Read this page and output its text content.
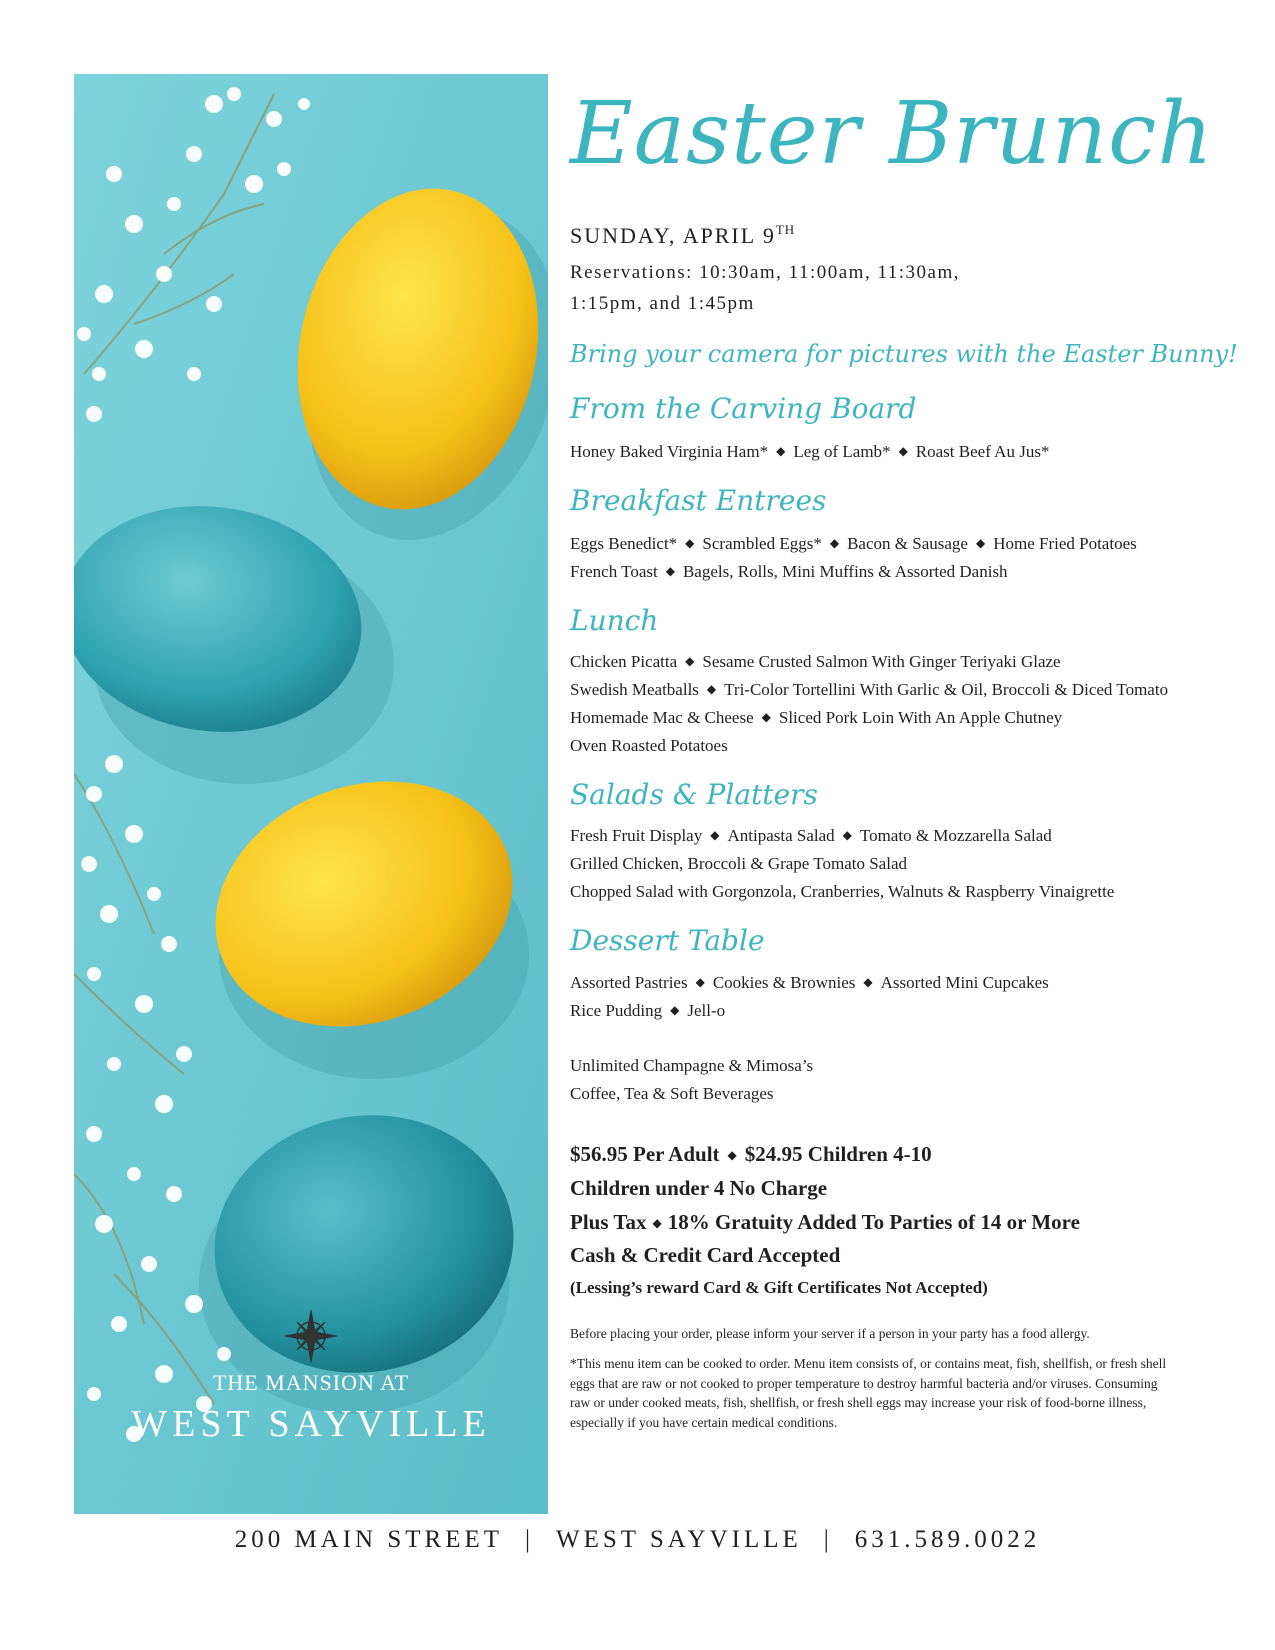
THE MANSION AT
WEST SAYVILLE
Easter Brunch
SUNDAY, APRIL 9TH
Reservations: 10:30am, 11:00am, 11:30am,
1:15pm, and 1:45pm
Bring your camera for pictures with the Easter Bunny!
From the Carving Board
Honey Baked Virginia Ham* ◆ Leg of Lamb* ◆ Roast Beef Au Jus*
Breakfast Entrees
Eggs Benedict* ◆ Scrambled Eggs* ◆ Bacon & Sausage ◆ Home Fried Potatoes
French Toast ◆ Bagels, Rolls, Mini Muffins & Assorted Danish
Lunch
Chicken Picatta ◆ Sesame Crusted Salmon With Ginger Teriyaki Glaze
Swedish Meatballs ◆ Tri-Color Tortellini With Garlic & Oil, Broccoli & Diced Tomato
Homemade Mac & Cheese ◆ Sliced Pork Loin With An Apple Chutney
Oven Roasted Potatoes
Salads & Platters
Fresh Fruit Display ◆ Antipasta Salad ◆ Tomato & Mozzarella Salad
Grilled Chicken, Broccoli & Grape Tomato Salad
Chopped Salad with Gorgonzola, Cranberries, Walnuts & Raspberry Vinaigrette
Dessert Table
Assorted Pastries ◆ Cookies & Brownies ◆ Assorted Mini Cupcakes
Rice Pudding ◆ Jell-o
Unlimited Champagne & Mimosa’s
Coffee, Tea & Soft Beverages
$56.95 Per Adult ◆ $24.95 Children 4-10
Children under 4 No Charge
Plus Tax ◆ 18% Gratuity Added To Parties of 14 or More
Cash & Credit Card Accepted
(Lessing’s reward Card & Gift Certificates Not Accepted)
Before placing your order, please inform your server if a person in your party has a food allergy.
*This menu item can be cooked to order. Menu item consists of, or contains meat, fish, shellfish, or fresh shell eggs that are raw or not cooked to proper temperature to destroy harmful bacteria and/or viruses. Consuming raw or under cooked meats, fish, shellfish, or fresh shell eggs may increase your risk of food-borne illness, especially if you have certain medical conditions.
200 MAIN STREET | WEST SAYVILLE | 631.589.0022
